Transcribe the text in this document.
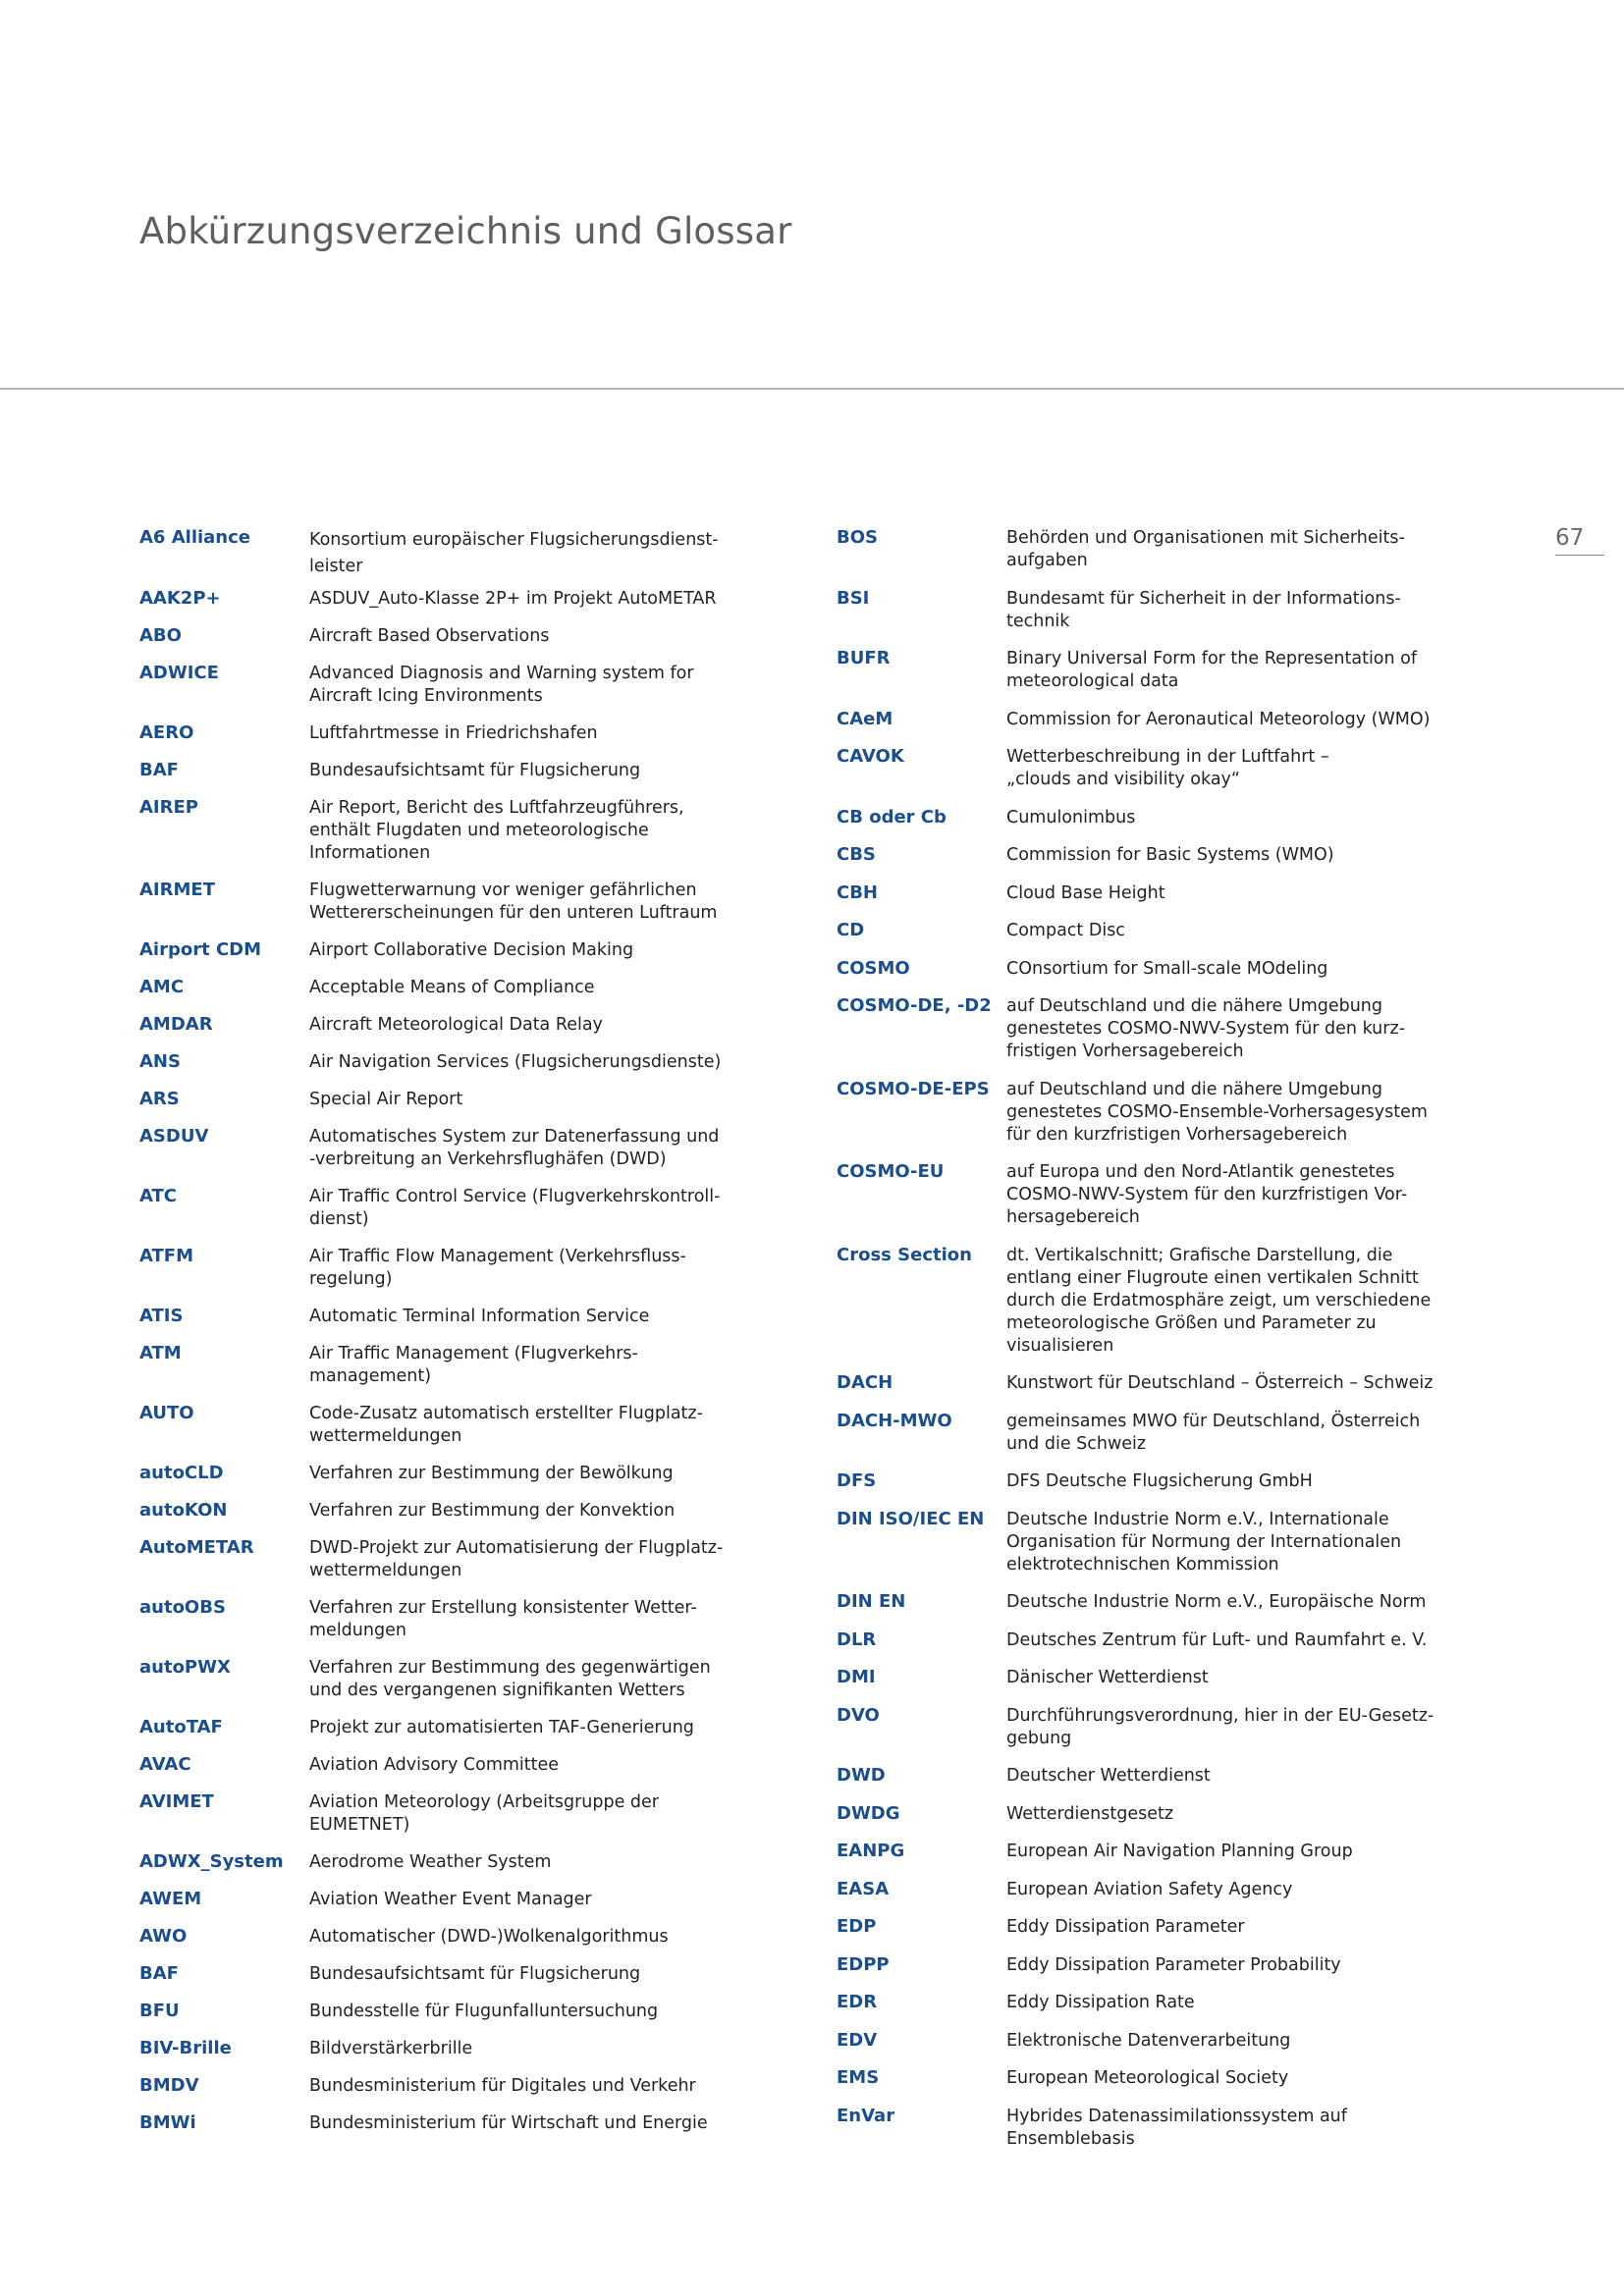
Abkürzungsverzeichnis und Glossar
67
A6 Alliance	Konsortium europäischer Flugsicherungsdienst-
leister
AAK2P+	ASDUV_Auto-Klasse 2P+ im Projekt AutoMETAR
ABO	Aircraft Based Observations
ADWICE	Advanced Diagnosis and Warning system for
Aircraft Icing Environments
AERO	Luftfahrtmesse in Friedrichshafen
BAF	Bundesaufsichtsamt für Flugsicherung
AIREP	Air Report, Bericht des Luftfahrzeugführers,
enthält Flugdaten und meteorologische
Informationen
AIRMET	Flugwetterwarnung vor weniger gefährlichen
Wettererscheinungen für den unteren Luftraum
Airport CDM	Airport Collaborative Decision Making
AMC	Acceptable Means of Compliance
AMDAR	Aircraft Meteorological Data Relay
ANS	Air Navigation Services (Flugsicherungsdienste)
ARS	Special Air Report
ASDUV	Automatisches System zur Datenerfassung und
-verbreitung an Verkehrsflughäfen (DWD)
ATC	Air Traffic Control Service (Flugverkehrskontroll-
dienst)
ATFM	Air Traffic Flow Management (Verkehrsfluss-
regelung)
ATIS	Automatic Terminal Information Service
ATM	Air Traffic Management (Flugverkehrs-
management)
AUTO	Code-Zusatz automatisch erstellter Flugplatz-
wettermeldungen
autoCLD	Verfahren zur Bestimmung der Bewölkung
autoKON	Verfahren zur Bestimmung der Konvektion
AutoMETAR	DWD-Projekt zur Automatisierung der Flugplatz-
wettermeldungen
autoOBS	Verfahren zur Erstellung konsistenter Wetter-
meldungen
autoPWX	Verfahren zur Bestimmung des gegenwärtigen
und des vergangenen signifikanten Wetters
AutoTAF	Projekt zur automatisierten TAF-Generierung
AVAC	Aviation Advisory Committee
AVIMET	Aviation Meteorology (Arbeitsgruppe der
EUMETNET)
ADWX_System	Aerodrome Weather System
AWEM	Aviation Weather Event Manager
AWO	Automatischer (DWD-)Wolkenalgorithmus
BAF	Bundesaufsichtsamt für Flugsicherung
BFU	Bundesstelle für Flugunfalluntersuchung
BIV-Brille	Bildverstärkerbrille
BMDV	Bundesministerium für Digitales und Verkehr
BMWi	Bundesministerium für Wirtschaft und Energie
BOS	Behörden und Organisationen mit Sicherheits-
aufgaben
BSI	Bundesamt für Sicherheit in der Informations-
technik
BUFR	Binary Universal Form for the Representation of
meteorological data
CAeM	Commission for Aeronautical Meteorology (WMO)
CAVOK	Wetterbeschreibung in der Luftfahrt –
„clouds and visibility okay“
CB oder Cb	Cumulonimbus
CBS	Commission for Basic Systems (WMO)
CBH	Cloud Base Height
CD	Compact Disc
COSMO	COnsortium for Small-scale MOdeling
COSMO-DE, -D2 auf Deutschland und die nähere Umgebung
genestetes COSMO-NWV-System für den kurz-
fristigen Vorhersagebereich
COSMO-DE-EPS auf Deutschland und die nähere Umgebung
genestetes COSMO-Ensemble-Vorhersagesystem
für den kurzfristigen Vorhersagebereich
COSMO-EU	auf Europa und den Nord-Atlantik genestetes
COSMO-NWV-System für den kurzfristigen Vor-
hersagebereich
Cross Section	dt. Vertikalschnitt; Grafische Darstellung, die
entlang einer Flugroute einen vertikalen Schnitt
durch die Erdatmosphäre zeigt, um verschiedene
meteorologische Größen und Parameter zu
visualisieren
DACH	Kunstwort für Deutschland – Österreich – Schweiz
DACH-MWO	gemeinsames MWO für Deutschland, Österreich
und die Schweiz
DFS	DFS Deutsche Flugsicherung GmbH
DIN ISO/IEC EN	Deutsche Industrie Norm e.V., Internationale
Organisation für Normung der Internationalen
elektrotechnischen Kommission
DIN EN	Deutsche Industrie Norm e.V., Europäische Norm
DLR	Deutsches Zentrum für Luft- und Raumfahrt e. V.
DMI	Dänischer Wetterdienst
DVO	Durchführungsverordnung, hier in der EU-Gesetz-
gebung
DWD	Deutscher Wetterdienst
DWDG	Wetterdienstgesetz
EANPG	European Air Navigation Planning Group
EASA	European Aviation Safety Agency
EDP	Eddy Dissipation Parameter
EDPP	Eddy Dissipation Parameter Probability
EDR	Eddy Dissipation Rate
EDV	Elektronische Datenverarbeitung
EMS	European Meteorological Society
EnVar	Hybrides Datenassimilationssystem auf
Ensemblebasis
